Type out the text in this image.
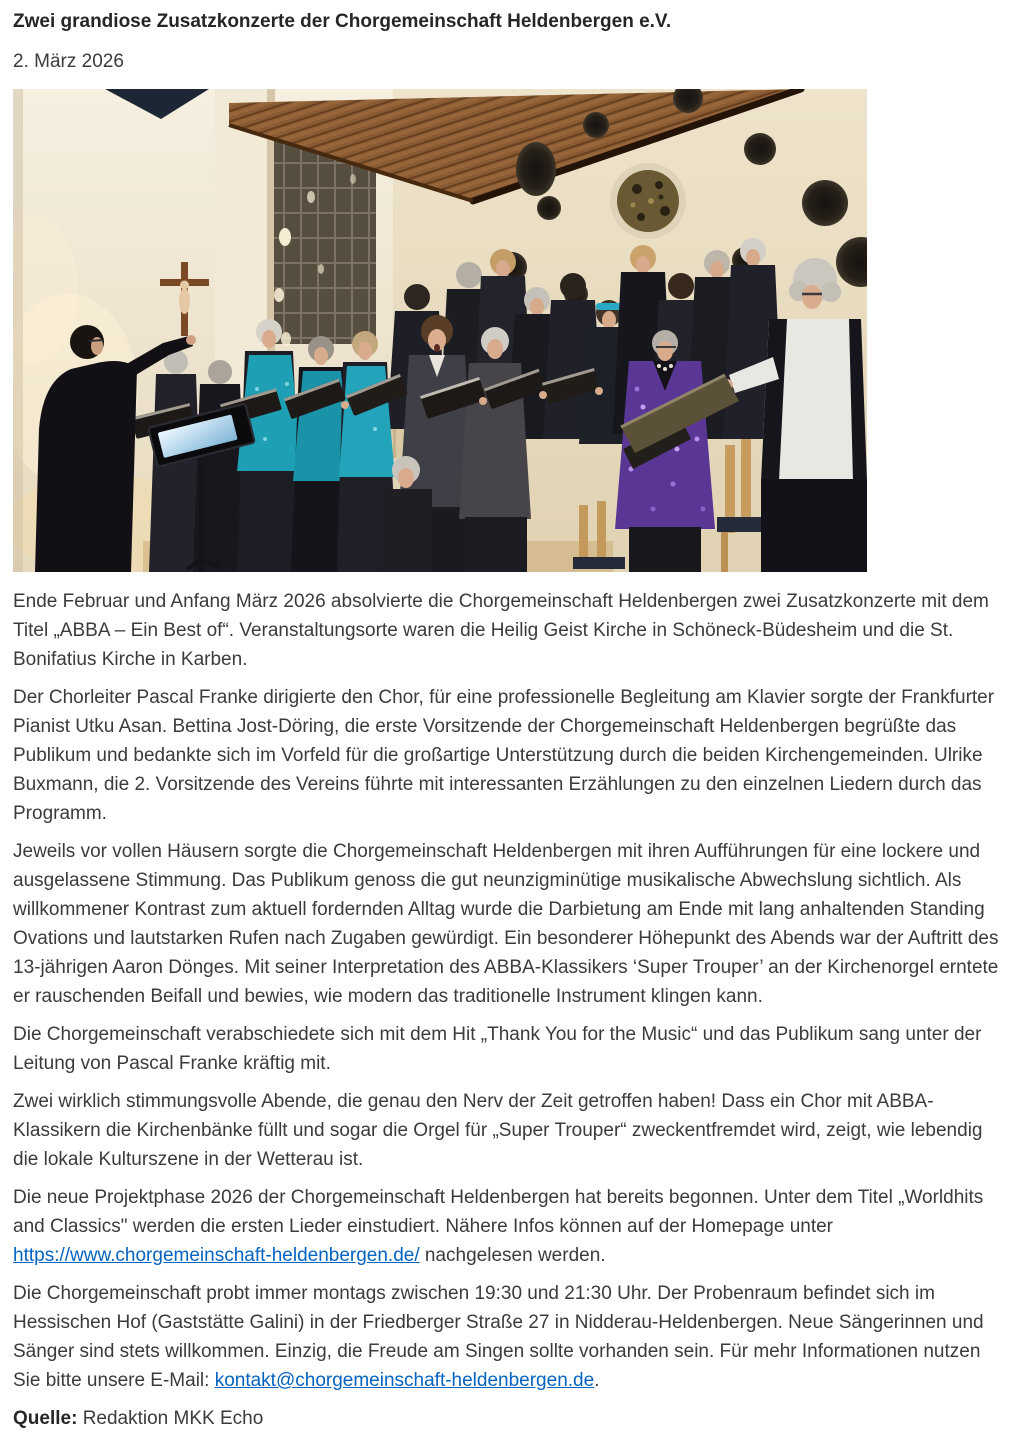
Zwei grandiose Zusatzkonzerte der Chorgemeinschaft Heldenbergen e.V.
2. März 2026

Ende Februar und Anfang März 2026 absolvierte die Chorgemeinschaft Heldenbergen zwei Zusatzkonzerte mit dem Titel „ABBA – Ein Best of“. Veranstaltungsorte waren die Heilig Geist Kirche in Schöneck-Büdesheim und die St. Bonifatius Kirche in Karben.

Der Chorleiter Pascal Franke dirigierte den Chor, für eine professionelle Begleitung am Klavier sorgte der Frankfurter Pianist Utku Asan. Bettina Jost-Döring, die erste Vorsitzende der Chorgemeinschaft Heldenbergen begrüßte das Publikum und bedankte sich im Vorfeld für die großartige Unterstützung durch die beiden Kirchengemeinden. Ulrike Buxmann, die 2. Vorsitzende des Vereins führte mit interessanten Erzählungen zu den einzelnen Liedern durch das Programm.

Jeweils vor vollen Häusern sorgte die Chorgemeinschaft Heldenbergen mit ihren Aufführungen für eine lockere und ausgelassene Stimmung. Das Publikum genoss die gut neunzigminütige musikalische Abwechslung sichtlich. Als willkommener Kontrast zum aktuell fordernden Alltag wurde die Darbietung am Ende mit lang anhaltenden Standing Ovations und lautstarken Rufen nach Zugaben gewürdigt. Ein besonderer Höhepunkt des Abends war der Auftritt des 13-jährigen Aaron Dönges. Mit seiner Interpretation des ABBA-Klassikers ‘Super Trouper’ an der Kirchenorgel erntete er rauschenden Beifall und bewies, wie modern das traditionelle Instrument klingen kann.

Die Chorgemeinschaft verabschiedete sich mit dem Hit „Thank You for the Music“ und das Publikum sang unter der Leitung von Pascal Franke kräftig mit.

Zwei wirklich stimmungsvolle Abende, die genau den Nerv der Zeit getroffen haben! Dass ein Chor mit ABBA-Klassikern die Kirchenbänke füllt und sogar die Orgel für „Super Trouper“ zweckentfremdet wird, zeigt, wie lebendig die lokale Kulturszene in der Wetterau ist.

Die neue Projektphase 2026 der Chorgemeinschaft Heldenbergen hat bereits begonnen. Unter dem Titel „Worldhits and Classics" werden die ersten Lieder einstudiert. Nähere Infos können auf der Homepage unter https://www.chorgemeinschaft-heldenbergen.de/ nachgelesen werden.

Die Chorgemeinschaft probt immer montags zwischen 19:30 und 21:30 Uhr. Der Probenraum befindet sich im Hessischen Hof (Gaststätte Galini) in der Friedberger Straße 27 in Nidderau-Heldenbergen. Neue Sängerinnen und Sänger sind stets willkommen. Einzig, die Freude am Singen sollte vorhanden sein. Für mehr Informationen nutzen Sie bitte unsere E-Mail: kontakt@chorgemeinschaft-heldenbergen.de.

Quelle: Redaktion MKK Echo
